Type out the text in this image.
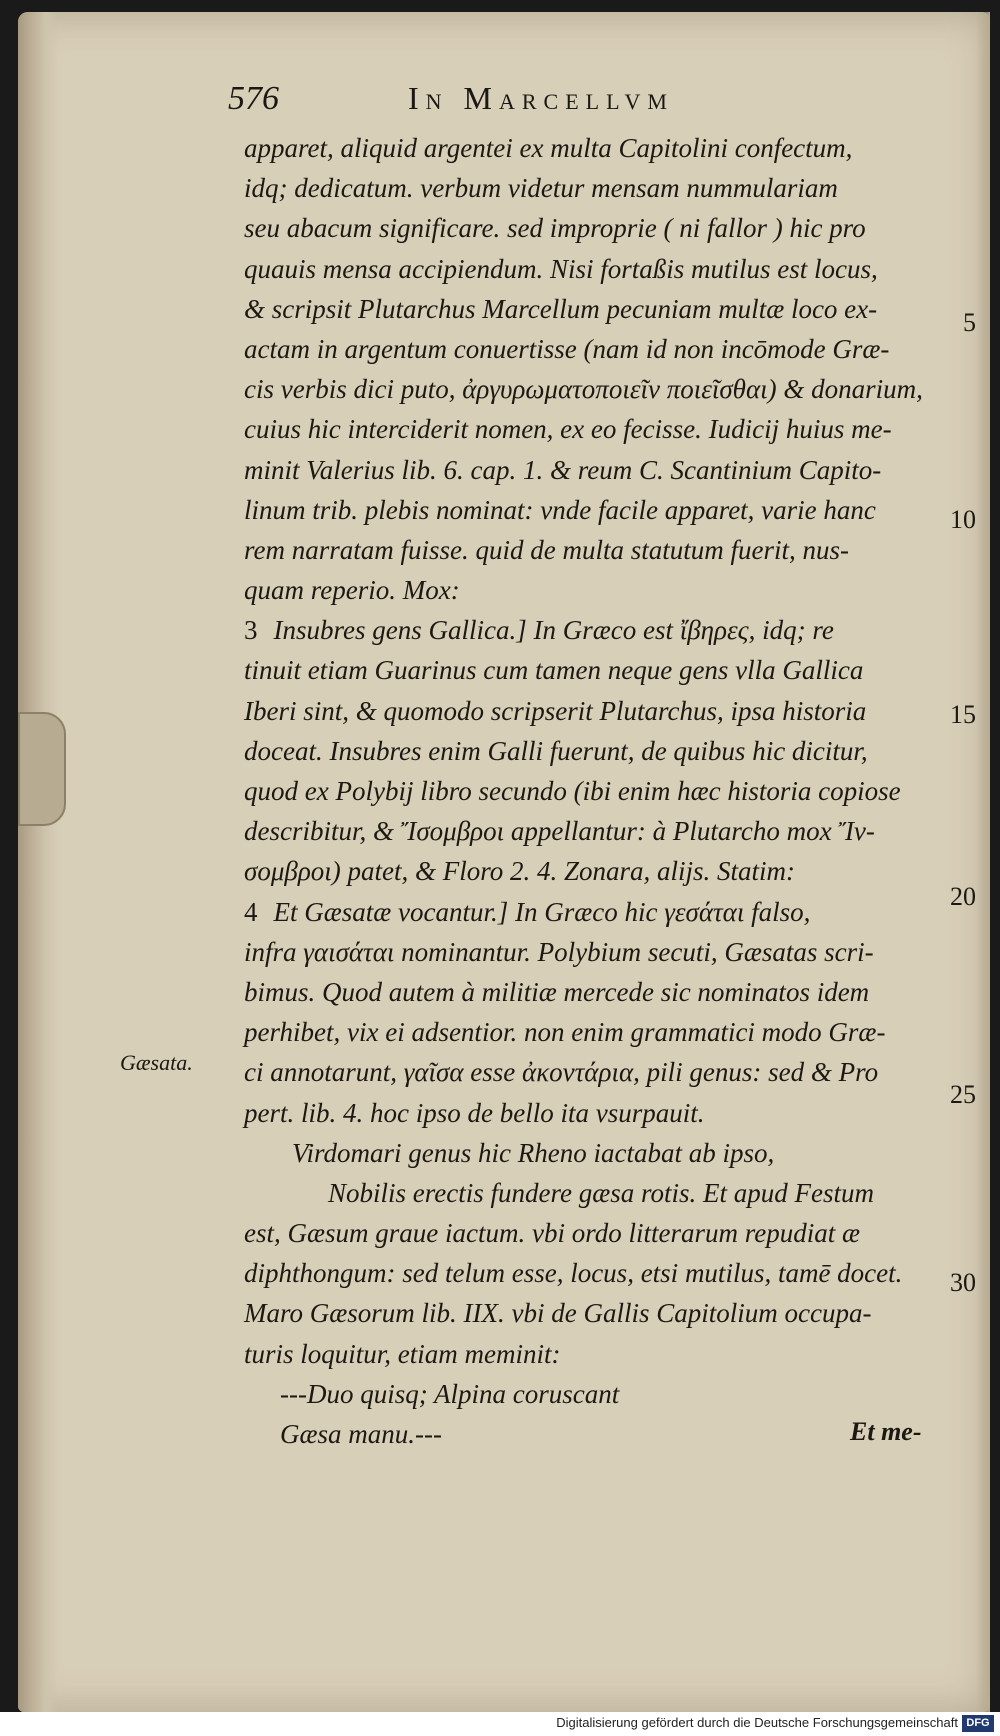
576	In Marcellvm
apparet, aliquid argentei ex multa Capitolini confectum,
idq; dedicatum. verbum videtur mensam nummulariam
seu abacum significare. sed improprie ( ni fallor ) hic pro
quauis mensa accipiendum. Nisi fortaßis mutilus est locus,
& scripsit Plutarchus Marcellum pecuniam multæ loco ex-
actam in argentum conuertisse (nam id non incōmode Græ-
cis verbis dici puto, ἀργυρωματοποιεῖν ποιεῖσθαι) & donarium,
cuius hic interciderit nomen, ex eo fecisse. Iudicij huius me-
minit Valerius lib. 6. cap. 1. & reum C. Scantinium Capito-
linum trib. plebis nominat: vnde facile apparet, varie hanc
rem narratam fuisse. quid de multa statutum fuerit, nus-
quam reperio. Mox:
3 Insubres gens Gallica.] In Græco est ἴβηρες, idq; re
tinuit etiam Guarinus cum tamen neque gens vlla Gallica
Iberi sint, & quomodo scripserit Plutarchus, ipsa historia
doceat. Insubres enim Galli fuerunt, de quibus hic dicitur,
quod ex Polybij libro secundo (ibi enim hæc historia copiose
describitur, & Ἴσομβροι appellantur: à Plutarcho mox Ἴν-
σομβροι) patet, & Floro 2. 4. Zonara, alijs. Statim:
4 Et Gæsatæ vocantur.] In Græco hic γεσάται falso,
infra γαισάται nominantur. Polybium secuti, Gæsatas scri-
bimus. Quod autem à militiæ mercede sic nominatos idem
perhibet, vix ei adsentior. non enim grammatici modo Græ-
ci annotarunt, γαῖσα esse ἀκοντάρια, pili genus: sed & Pro
pert. lib. 4. hoc ipso de bello ita vsurpauit.
Virdomari genus hic Rheno iactabat ab ipso,
Nobilis erectis fundere gæsa rotis. Et apud Festum
est, Gæsum graue iactum. vbi ordo litterarum repudiat æ
diphthongum: sed telum esse, locus, etsi mutilus, tamē docet.
Maro Gæsorum lib. IIX. vbi de Gallis Capitolium occupa-
turis loquitur, etiam meminit:
---Duo quisq; Alpina coruscant
Gæsa manu.---
5
10
15
20
25
30
Gæsata.
Et me-
Digitalisierung gefördert durch die Deutsche Forschungsgemeinschaft DFG
